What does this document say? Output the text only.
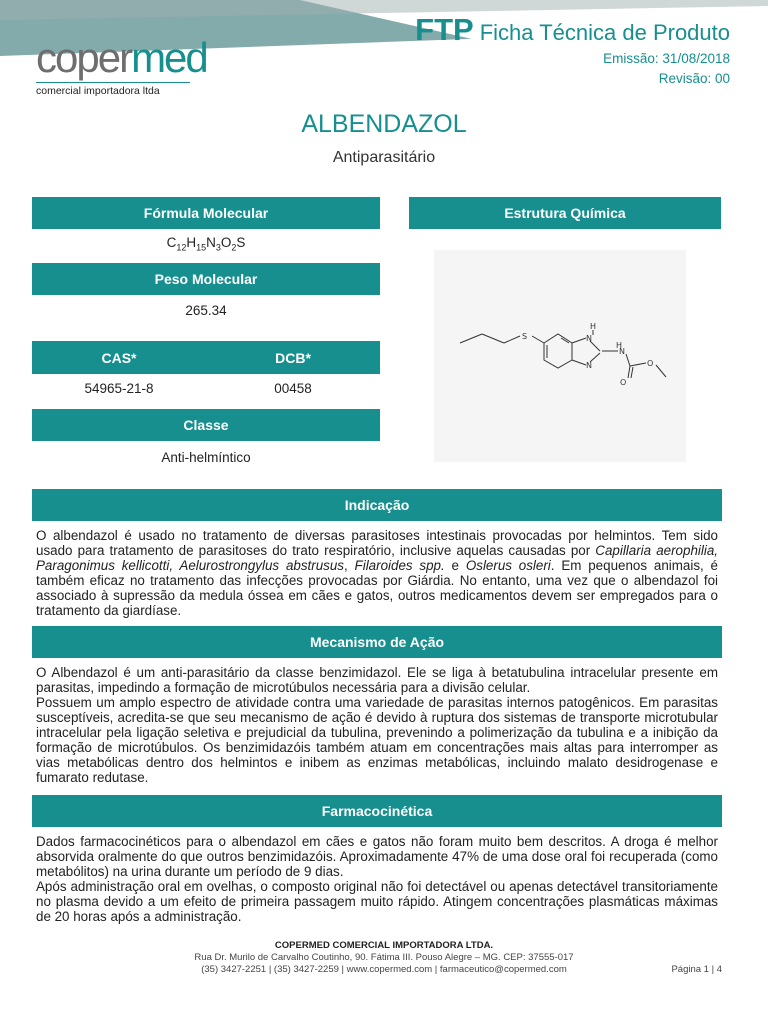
copermed
comercial importadora ltda
FTP Ficha Técnica de Produto
Emissão: 31/08/2018
Revisão: 00
ALBENDAZOL
Antiparasitário
Fórmula Molecular
$C_{12}H_{15}N_3O_2S$
Peso Molecular
265.34
CAS*	DCB*
54965-21-8	00458
Classe
Anti-helmíntico
Estrutura Química
S
H
N
N
H
N
O
O
Indicação

O albendazol é usado no tratamento de diversas parasitoses intestinais provocadas por helmintos. Tem sido usado para tratamento de parasitoses do trato respiratório, inclusive aquelas causadas por Capillaria aerophilia, Paragonimus kellicotti, Aelurostrongylus abstrusus, Filaroides spp. e Oslerus osleri. Em pequenos animais, é também eficaz no tratamento das infecções provocadas por Giárdia. No entanto, uma vez que o albendazol foi associado à supressão da medula óssea em cães e gatos, outros medicamentos devem ser empregados para o tratamento da giardíase.

Mecanismo de Ação

O Albendazol é um anti-parasitário da classe benzimidazol. Ele se liga à betatubulina intracelular presente em parasitas, impedindo a formação de microtúbulos necessária para a divisão celular.

Possuem um amplo espectro de atividade contra uma variedade de parasitas internos patogênicos. Em parasitas susceptíveis, acredita-se que seu mecanismo de ação é devido à ruptura dos sistemas de transporte microtubular intracelular pela ligação seletiva e prejudicial da tubulina, prevenindo a polimerização da tubulina e a inibição da formação de microtúbulos. Os benzimidazóis também atuam em concentrações mais altas para interromper as vias metabólicas dentro dos helmintos e inibem as enzimas metabólicas, incluindo malato desidrogenase e fumarato redutase.

Farmacocinética

Dados farmacocinéticos para o albendazol em cães e gatos não foram muito bem descritos. A droga é melhor absorvida oralmente do que outros benzimidazóis. Aproximadamente 47% de uma dose oral foi recuperada (como metabólitos) na urina durante um período de 9 dias.

Após administração oral em ovelhas, o composto original não foi detectável ou apenas detectável transitoriamente no plasma devido a um efeito de primeira passagem muito rápido. Atingem concentrações plasmáticas máximas de 20 horas após a administração.

COPERMED COMERCIAL IMPORTADORA LTDA.
Rua Dr. Murilo de Carvalho Coutinho, 90. Fátima III. Pouso Alegre – MG. CEP: 37555-017
(35) 3427-2251 | (35) 3427-2259 | www.copermed.com | farmaceutico@copermed.com	Página 1 | 4
